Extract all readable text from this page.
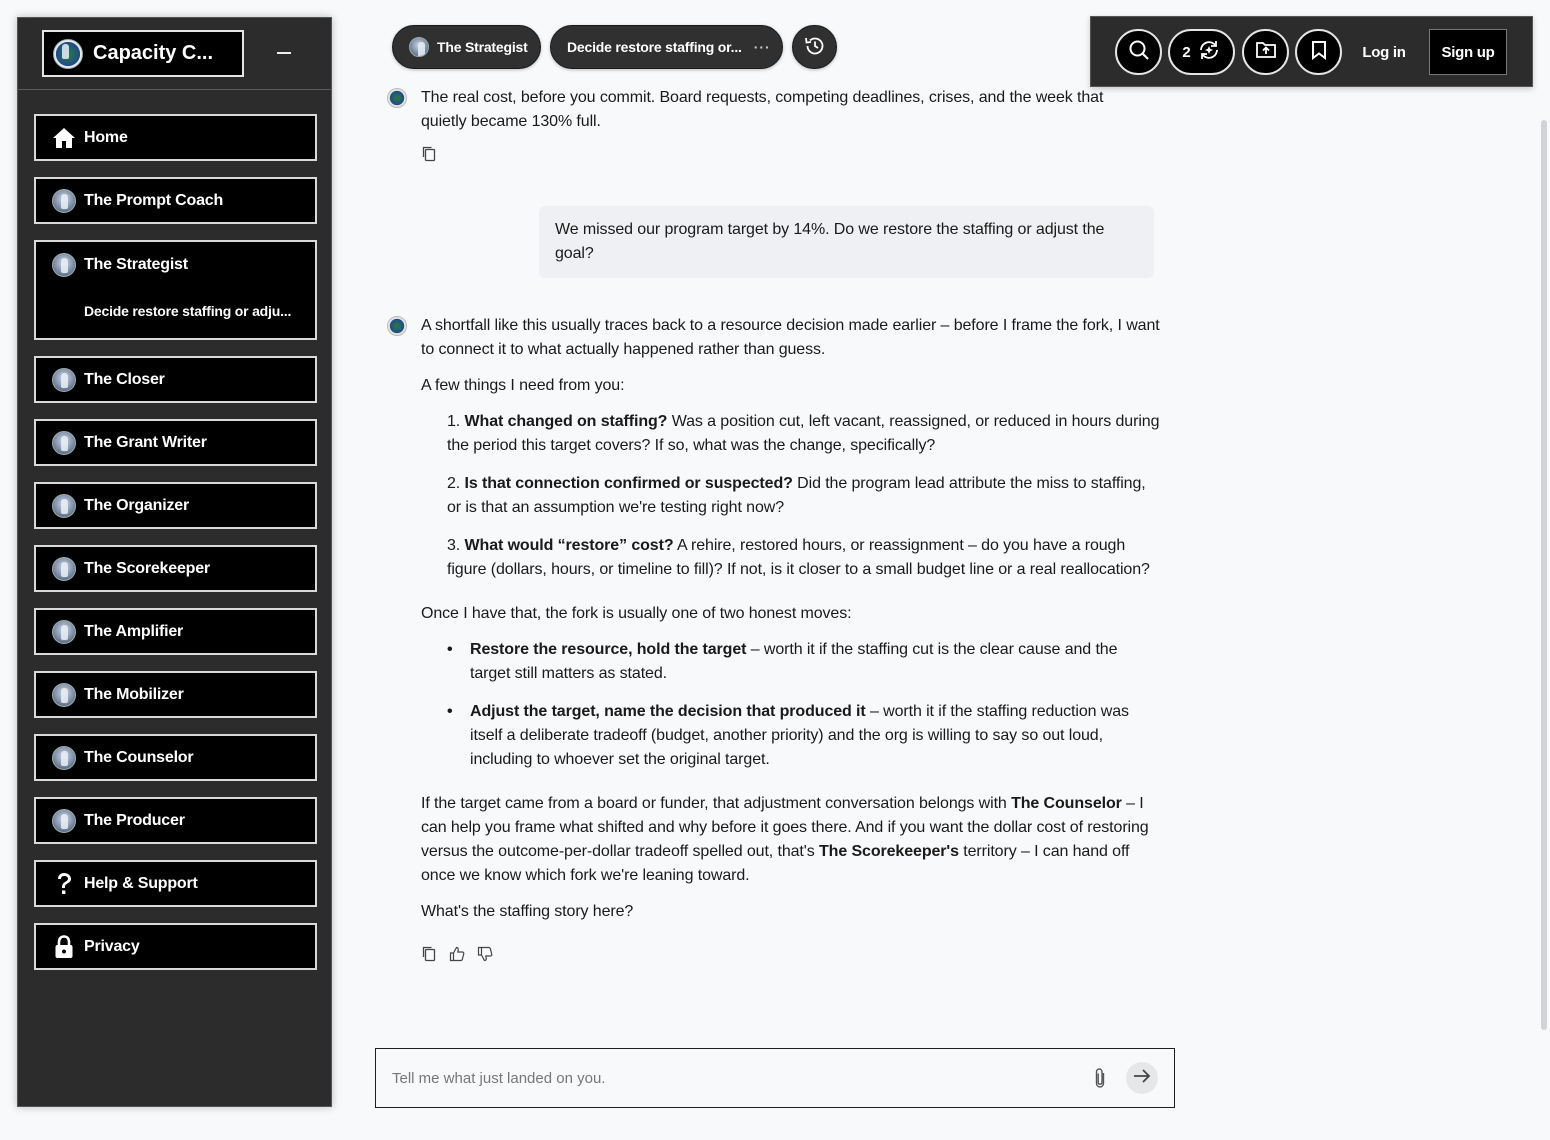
Capacity C...
Home
The Prompt Coach
The Strategist
Decide restore staffing or adju...
The Closer
The Grant Writer
The Organizer
The Scorekeeper
The Amplifier
The Mobilizer
The Counselor
The Producer
Help & Support
Privacy
The Strategist	Decide restore staffing or... ···	2	Log in	Sign up

The real cost, before you commit. Board requests, competing deadlines, crises, and the week that quietly became 130% full.

We missed our program target by 14%. Do we restore the staffing or adjust the goal?

A shortfall like this usually traces back to a resource decision made earlier – before I frame the fork, I want to connect it to what actually happened rather than guess.

A few things I need from you:

1. What changed on staffing? Was a position cut, left vacant, reassigned, or reduced in hours during the period this target covers? If so, what was the change, specifically?
2. Is that connection confirmed or suspected? Did the program lead attribute the miss to staffing, or is that an assumption we're testing right now?
3. What would “restore” cost? A rehire, restored hours, or reassignment – do you have a rough figure (dollars, hours, or timeline to fill)? If not, is it closer to a small budget line or a real reallocation?

Once I have that, the fork is usually one of two honest moves:

• Restore the resource, hold the target – worth it if the staffing cut is the clear cause and the target still matters as stated.
• Adjust the target, name the decision that produced it – worth it if the staffing reduction was itself a deliberate tradeoff (budget, another priority) and the org is willing to say so out loud, including to whoever set the original target.

If the target came from a board or funder, that adjustment conversation belongs with The Counselor – I can help you frame what shifted and why before it goes there. And if you want the dollar cost of restoring versus the outcome-per-dollar tradeoff spelled out, that's The Scorekeeper's territory – I can hand off once we know which fork we're leaning toward.

What's the staffing story here?

Tell me what just landed on you.
